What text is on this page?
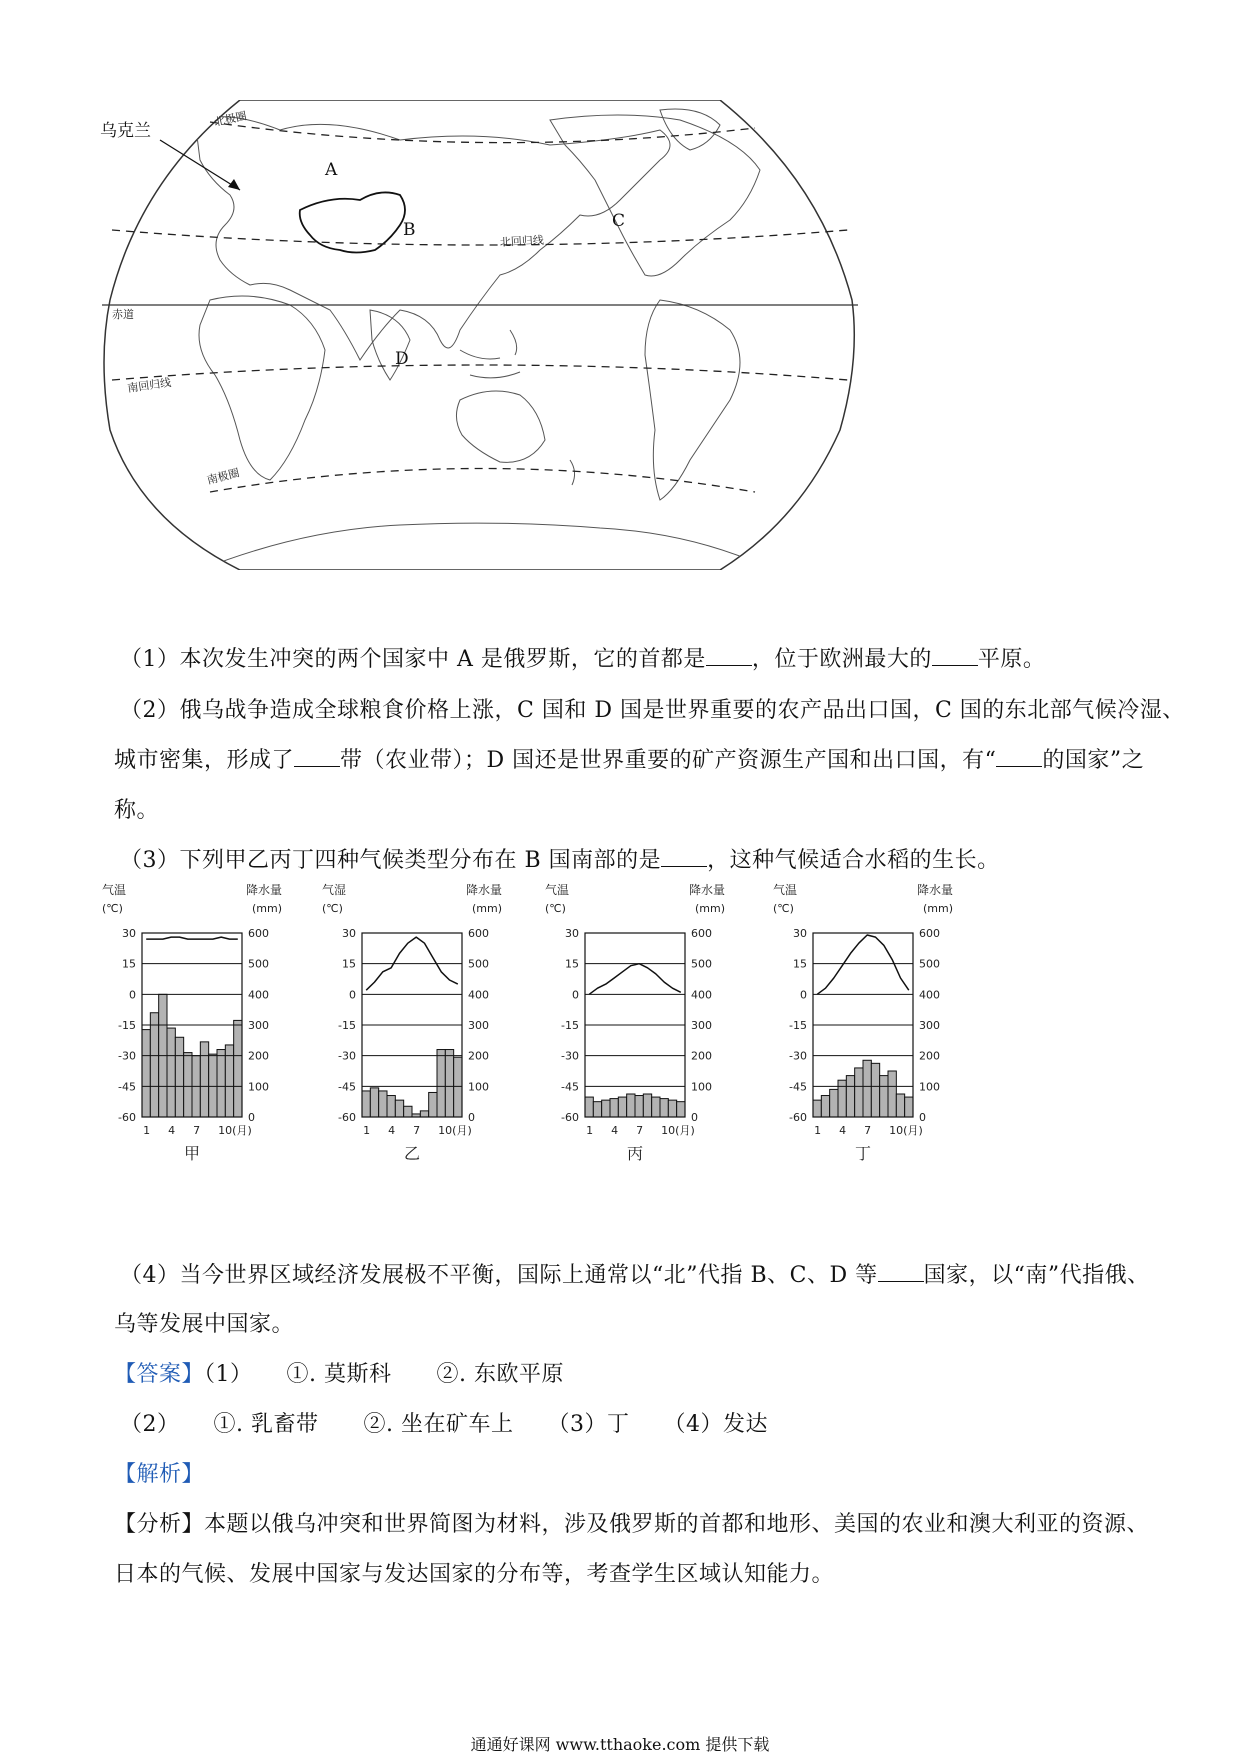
乌克兰
A
B	C
D
北极圈
北回归线
赤道
南回归线
南极圈
（1）本次发生冲突的两个国家中 A 是俄罗斯，它的首都是 ，位于欧洲最大的 平原。
（2）俄乌战争造成全球粮食价格上涨，C 国和 D 国是世界重要的农产品出口国，C 国的东北部气候冷湿、
城市密集，形成了 带（农业带）；D 国还是世界重要的矿产资源生产国和出口国，有“ 的国家”之
称。
（3）下列甲乙丙丁四种气候类型分布在 B 国南部的是 ，这种气候适合水稻的生长。
气温
(℃)
降水量
(mm)
30	600
15	500
0	400
-15	300
-30	200
-45	100
-60	0
1 4 7 10(月)
甲
气湿
(℃)
降水量
(mm)
30	600
15	500
0	400
-15	300
-30	200
-45	100
-60	0
1 4 7 10(月)
乙
气温
(℃)
降水量
(mm)
30	600
15	500
0	400
-15	300
-30	200
-45	100
-60	0
1 4 7 10(月)
丙
气温
(℃)
降水量
(mm)
30	600
15	500
0	400
-15	300
-30	200
-45	100
-60	0
1 4 7 10(月)
丁
（4）当今世界区域经济发展极不平衡，国际上通常以“北”代指 B、C、D 等 国家，以“南”代指俄、
乌等发展中国家。
【答案】（1）　　①. 莫斯科　　②. 东欧平原
（2）　　①. 乳畜带　　②. 坐在矿车上　　（3）丁　　（4）发达
【解析】
【分析】本题以俄乌冲突和世界简图为材料，涉及俄罗斯的首都和地形、美国的农业和澳大利亚的资源、
日本的气候、发展中国家与发达国家的分布等，考查学生区域认知能力。
通通好课网 www.tthaoke.com 提供下载
